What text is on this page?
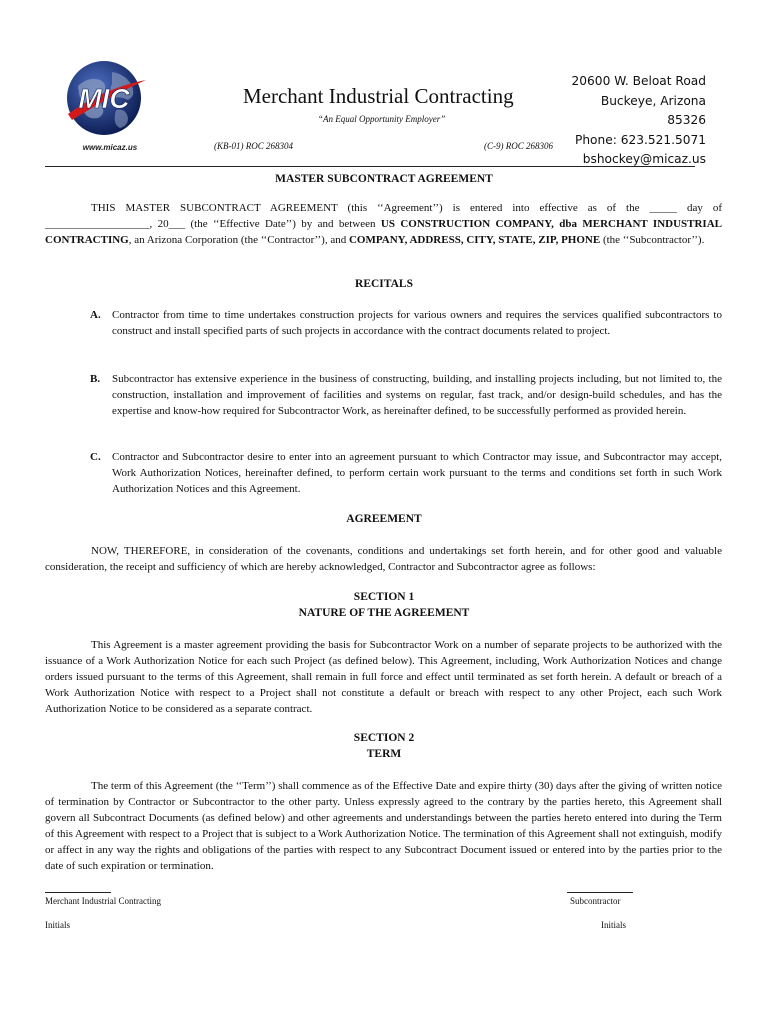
MIC
www.micaz.us
Merchant Industrial Contracting
“An Equal Opportunity Employer”
(KB-01) ROC 268304	(C-9) ROC 268306
20600 W. Beloat Road
Buckeye, Arizona
85326
Phone: 623.521.5071
bshockey@micaz.us
MASTER SUBCONTRACT AGREEMENT

THIS MASTER SUBCONTRACT AGREEMENT (this ‘‘Agreement’’) is entered into effective as of the _____ day of ___________________, 20___ (the ‘‘Effective Date’’) by and between US CONSTRUCTION COMPANY, dba MERCHANT INDUSTRIAL CONTRACTING, an Arizona Corporation (the ‘‘Contractor’’), and COMPANY, ADDRESS, CITY, STATE, ZIP, PHONE (the ‘‘Subcontractor’’).

RECITALS

A. Contractor from time to time undertakes construction projects for various owners and requires the services qualified subcontractors to construct and install specified parts of such projects in accordance with the contract documents related to project.

B. Subcontractor has extensive experience in the business of constructing, building, and installing projects including, but not limited to, the construction, installation and improvement of facilities and systems on regular, fast track, and/or design-build schedules, and has the expertise and know-how required for Subcontractor Work, as hereinafter defined, to be successfully performed as provided herein.

C. Contractor and Subcontractor desire to enter into an agreement pursuant to which Contractor may issue, and Subcontractor may accept, Work Authorization Notices, hereinafter defined, to perform certain work pursuant to the terms and conditions set forth in such Work Authorization Notices and this Agreement.

AGREEMENT

NOW, THEREFORE, in consideration of the covenants, conditions and undertakings set forth herein, and for other good and valuable consideration, the receipt and sufficiency of which are hereby acknowledged, Contractor and Subcontractor agree as follows:

SECTION 1

NATURE OF THE AGREEMENT

This Agreement is a master agreement providing the basis for Subcontractor Work on a number of separate projects to be authorized with the issuance of a Work Authorization Notice for each such Project (as defined below). This Agreement, including, Work Authorization Notices and change orders issued pursuant to the terms of this Agreement, shall remain in full force and effect until terminated as set forth herein. A default or breach of a Work Authorization Notice with respect to a Project shall not constitute a default or breach with respect to any other Project, each such Work Authorization Notice to be considered as a separate contract.

SECTION 2

TERM

The term of this Agreement (the ‘‘Term’’) shall commence as of the Effective Date and expire thirty (30) days after the giving of written notice of termination by Contractor or Subcontractor to the other party. Unless expressly agreed to the contrary by the parties hereto, this Agreement shall govern all Subcontract Documents (as defined below) and other agreements and understandings between the parties hereto entered into during the Term of this Agreement with respect to a Project that is subject to a Work Authorization Notice. The termination of this Agreement shall not extinguish, modify or affect in any way the rights and obligations of the parties with respect to any Subcontract Document issued or entered into by the parties prior to the date of such expiration or termination.

Merchant Industrial Contracting	Subcontractor
Initials	Initials
